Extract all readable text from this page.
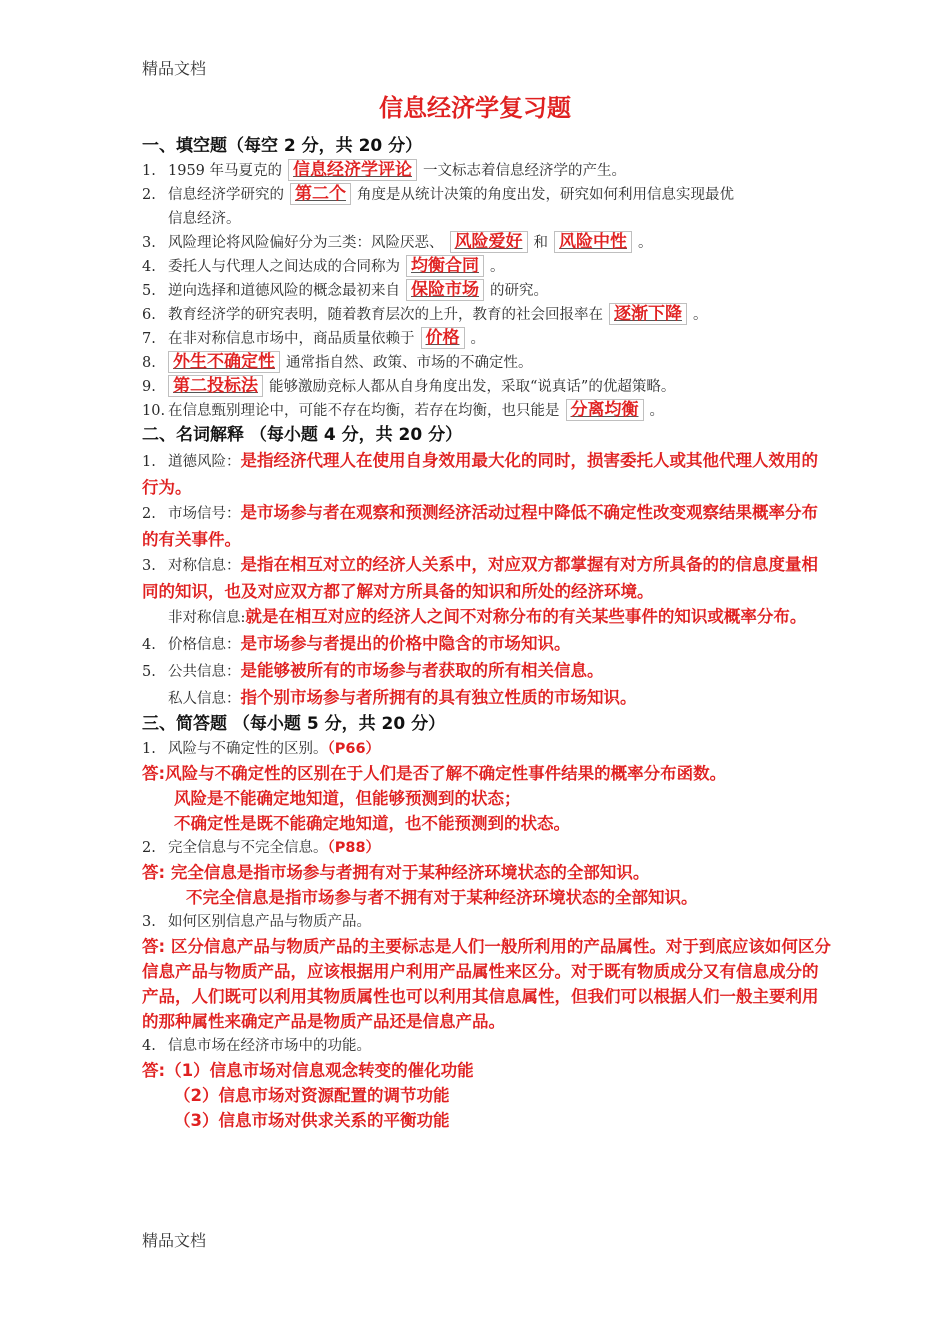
精品文档
信息经济学复习题
一、填空题（每空 2 分，共 20 分）
1. 1959 年马夏克的 信息经济学评论 一文标志着信息经济学的产生。
2. 信息经济学研究的 第二个 角度是从统计决策的角度出发，研究如何利用信息实现最优
信息经济。
3. 风险理论将风险偏好分为三类：风险厌恶、 风险爱好 和 风险中性 。
4. 委托人与代理人之间达成的合同称为 均衡合同 。
5. 逆向选择和道德风险的概念最初来自 保险市场 的研究。
6. 教育经济学的研究表明，随着教育层次的上升，教育的社会回报率在 逐渐下降 。
7. 在非对称信息市场中，商品质量依赖于 价格 。
8. 外生不确定性 通常指自然、政策、市场的不确定性。
9. 第二投标法 能够激励竞标人都从自身角度出发，采取“说真话”的优超策略。
10. 在信息甄别理论中，可能不存在均衡，若存在均衡，也只能是 分离均衡 。
二、名词解释 （每小题 4 分，共 20 分）
1. 道德风险：是指经济代理人在使用自身效用最大化的同时，损害委托人或其他代理人效用的行为。
2. 市场信号：是市场参与者在观察和预测经济活动过程中降低不确定性改变观察结果概率分布的有关事件。
3. 对称信息：是指在相互对立的经济人关系中，对应双方都掌握有对方所具备的的信息度量相同的知识，也及对应双方都了解对方所具备的知识和所处的经济环境。
非对称信息:就是在相互对应的经济人之间不对称分布的有关某些事件的知识或概率分布。
4. 价格信息：是市场参与者提出的价格中隐含的市场知识。
5. 公共信息：是能够被所有的市场参与者获取的所有相关信息。
私人信息：指个别市场参与者所拥有的具有独立性质的市场知识。
三、简答题 （每小题 5 分，共 20 分）
1. 风险与不确定性的区别。（P66）
答:风险与不确定性的区别在于人们是否了解不确定性事件结果的概率分布函数。
风险是不能确定地知道，但能够预测到的状态；
不确定性是既不能确定地知道，也不能预测到的状态。
2. 完全信息与不完全信息。（P88）
答: 完全信息是指市场参与者拥有对于某种经济环境状态的全部知识。
不完全信息是指市场参与者不拥有对于某种经济环境状态的全部知识。
3. 如何区别信息产品与物质产品。
答: 区分信息产品与物质产品的主要标志是人们一般所利用的产品属性。对于到底应该如何区分信息产品与物质产品，应该根据用户利用产品属性来区分。对于既有物质成分又有信息成分的产品，人们既可以利用其物质属性也可以利用其信息属性，但我们可以根据人们一般主要利用的那种属性来确定产品是物质产品还是信息产品。
4. 信息市场在经济市场中的功能。
答:（1）信息市场对信息观念转变的催化功能
（2）信息市场对资源配置的调节功能
（3）信息市场对供求关系的平衡功能
精品文档
